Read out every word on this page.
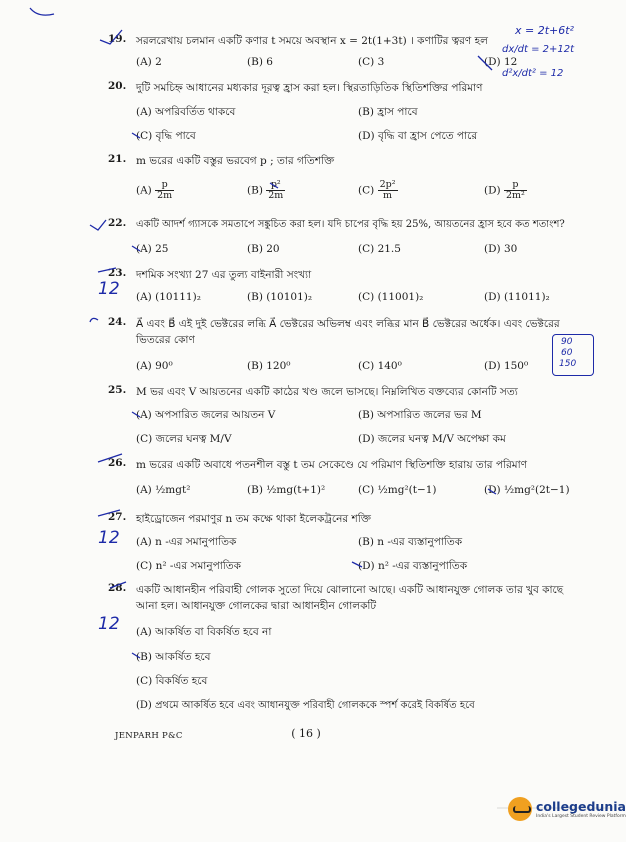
19. সরলরেখায় চলমান একটি কণার t সময়ে অবস্থান x = 2t(1+3t) । কণাটির ত্বরণ হল
(A) 2	(B) 6	(C) 3	(D) 12
20. দুটি সমচিহ্ন আধানের মধ্যকার দূরত্ব হ্রাস করা হল। স্থিরতাড়িতিক স্থিতিশক্তির পরিমাণ
(A) অপরিবর্তিত থাকবে	(B) হ্রাস পাবে
(C) বৃদ্ধি পাবে	(D) বৃদ্ধি বা হ্রাস পেতে পারে
21. m ভরের একটি বস্তুর ভরবেগ p ; তার গতিশক্তি
$(A) \frac{p}{2m}$	$(B) \frac{\text{p²}}{2m}$	$(C) \frac{\text{2p²}}{m}$	$(D) \frac{p}{\text{2m²}}$
22. একটি আদর্শ গ্যাসকে সমতাপে সঙ্কুচিত করা হল। যদি চাপের বৃদ্ধি হয় 25%, আয়তনের হ্রাস হবে কত শতাংশ?
(A) 25	(B) 20	(C) 21.5	(D) 30
23. দশমিক সংখ্যা 27 এর তুল্য বাইনারী সংখ্যা
(A) (10111)₂	(B) (10101)₂	(C) (11001)₂	(D) (11011)₂
24. A⃗ এবং B⃗ এই দুই ভেক্টরের লব্ধি A⃗ ভেক্টরের অভিলম্ব এবং লব্ধির মান B⃗ ভেক্টরের অর্ধেক। এবং ভেক্টরের ভিতরের কোণ
(A) 90⁰	(B) 120⁰	(C) 140⁰	(D) 150⁰
25. M ভর এবং V আয়তনের একটি কাঠের খণ্ড জলে ভাসছে। নিম্নলিখিত বক্তব্যের কোনটি সত্য
(A) অপসারিত জলের আয়তন V	(B) অপসারিত জলের ভর M
(C) জলের ঘনত্ব M/V	(D) জলের ঘনত্ব M/V অপেক্ষা কম
26. m ভরের একটি অবাধে পতনশীল বস্তু t তম সেকেণ্ডে যে পরিমাণ স্থিতিশক্তি হারায় তার পরিমাণ
(A) ½mgt²	(B) ½mg(t+1)²	(C) ½mg²(t−1)	(D) ½mg²(2t−1)
27. হাইড্রোজেন পরমাণুর n তম কক্ষে থাকা ইলেকট্রনের শক্তি
(A) n -এর সমানুপাতিক	(B) n -এর ব্যস্তানুপাতিক
(C) n² -এর সমানুপাতিক	(D) n² -এর ব্যস্তানুপাতিক
28. একটি আধানহীন পরিবাহী গোলক সুতো দিয়ে ঝোলানো আছে। একটি আধানযুক্ত গোলক তার খুব কাছে আনা হল। আধানযুক্ত গোলকের দ্বারা আধানহীন গোলকটি
(A) আকর্ষিত বা বিকর্ষিত হবে না
(B) আকর্ষিত হবে
(C) বিকর্ষিত হবে
(D) প্রথমে আকর্ষিত হবে এবং আধানযুক্ত পরিবাহী গোলককে স্পর্শ করেই বিকর্ষিত হবে
JENPARH P&C	( 16 )
x = 2t+6t²
dx/dt = 2+12t
d²x/dt² = 12
12
12
12
90
60
150
collegedunia
India's Largest Student Review Platform
